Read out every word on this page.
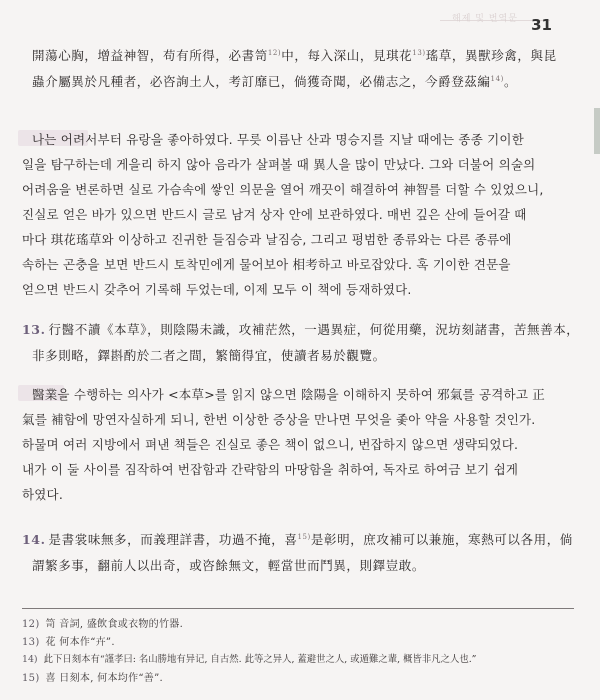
해제 및 번역문 31
開蕩心胸，增益神智，苟有所得，必書笥$^{12)}$中，每入深山，見琪花$^{13)}$瑤草，異獸珍禽，與昆
蟲介屬異於凡種者，必咨詢土人，考訂靡已，倘獲奇聞，必備志之，今爵登茲編$^{14)}$。
나는 어려서부터 유랑을 좋아하였다. 무릇 이름난 산과 명승지를 지날 때에는 종종 기이한
일을 탐구하는데 게을리 하지 않아 음라가 살펴볼 때 異人을 많이 만났다. 그와 더불어 의술의
어려움을 변론하면 실로 가슴속에 쌓인 의문을 열어 깨끗이 해결하여 神智를 더할 수 있었으니,
진실로 얻은 바가 있으면 반드시 글로 남겨 상자 안에 보관하였다. 매번 깊은 산에 들어갈 때
마다 琪花瑤草와 이상하고 진귀한 들짐승과 날짐승, 그리고 평범한 종류와는 다른 종류에
속하는 곤충을 보면 반드시 토착민에게 물어보아 相考하고 바로잡았다. 혹 기이한 견문을
얻으면 반드시 갖추어 기록해 두었는데, 이제 모두 이 책에 등재하였다.
13. 行醫不讀《本草》，則陰陽未識，攻補茫然，一遇異症，何從用藥，況坊刻諸書，苦無善本，
非多則略，鐸斟酌於二者之間，繁簡得宜，使讀者易於觀覽。
醫業을 수행하는 의사가 <本草>를 읽지 않으면 陰陽을 이해하지 못하여 邪氣를 공격하고 正
氣를 補함에 망연자실하게 되니, 한번 이상한 증상을 만나면 무엇을 좇아 약을 사용할 것인가.
하물며 여러 지방에서 펴낸 책들은 진실로 좋은 책이 없으니, 번잡하지 않으면 생략되었다.
내가 이 둘 사이를 짐작하여 번잡함과 간략함의 마땅함을 취하여, 독자로 하여금 보기 쉽게
하였다.
14. 是書裳味無多，而義理詳書，功過不掩，喜$^{15)}$是彰明，庶攻補可以兼施，寒熱可以各用，倘
謂繁多事，翻前人以出奇，或咨餘無文，輕當世而鬥異，則鐸豈敢。
12) 笥 音詞, 盛飲食或衣物的竹器.
13) 花 何本作“卉”.
14) 此下日刻本有“謹孝曰: 名山勝地有异记, 自古然. 此等之异人, 蓋避世之人, 或遁難之輩, 概皆非凡之人也.”
15) 喜 日刻本, 何本均作“善”.
